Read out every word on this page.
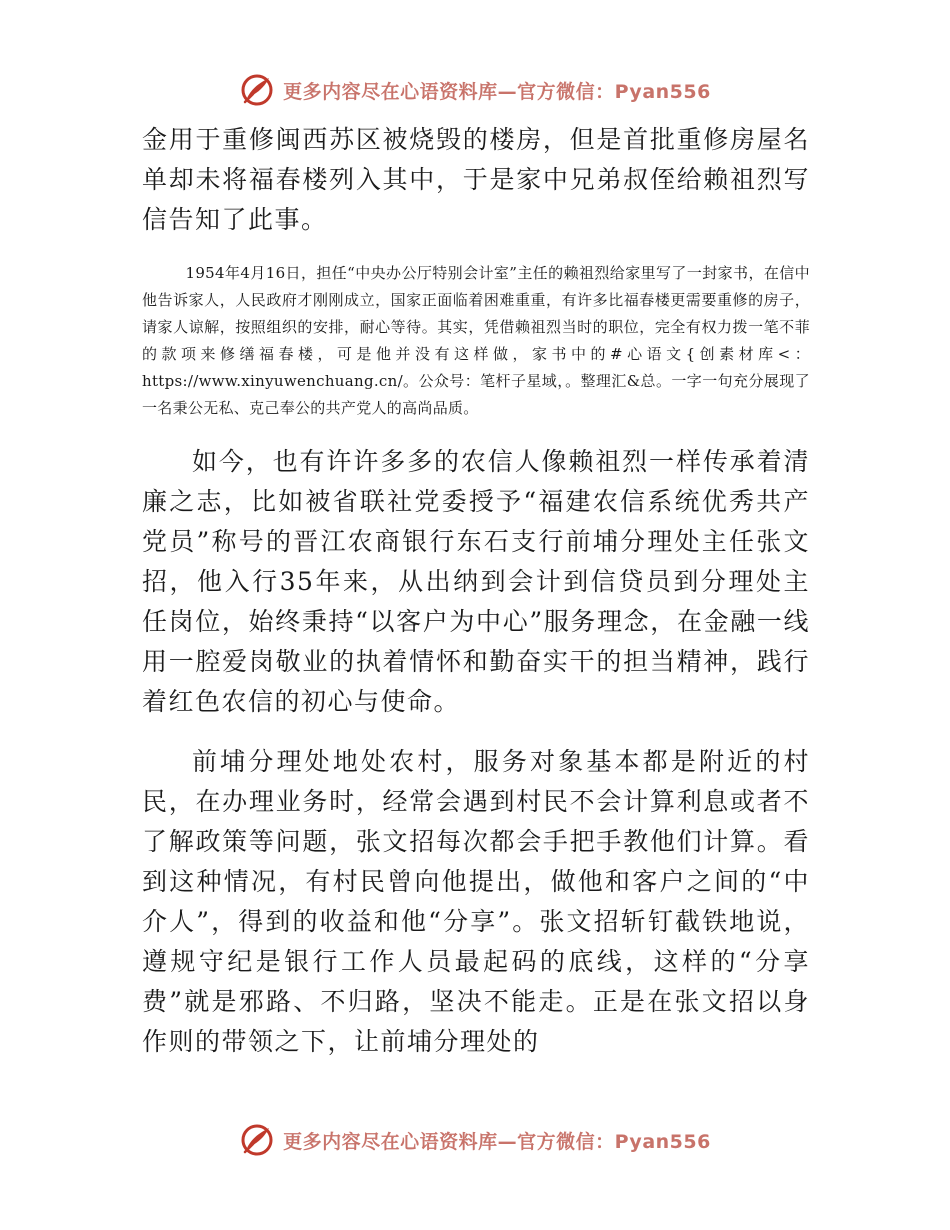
更多内容尽在心语资料库—官方微信：Pyan556

金用于重修闽西苏区被烧毁的楼房，但是首批重修房屋名单却未将福春楼列入其中，于是家中兄弟叔侄给赖祖烈写信告知了此事。

1954年4月16日，担任“中央办公厅特别会计室”主任的赖祖烈给家里写了一封家书，在信中他告诉家人，人民政府才刚刚成立，国家正面临着困难重重，有许多比福春楼更需要重修的房子，请家人谅解，按照组织的安排，耐心等待。其实，凭借赖祖烈当时的职位，完全有权力拨一笔不菲的款项来修缮福春楼，可是他并没有这样做，家书中的#心语文{创素材库<：https://www.xinyuwenchuang.cn/。公众号：笔杆子星域，。整理汇&总。一字一句充分展现了一名秉公无私、克己奉公的共产党人的高尚品质。

如今，也有许许多多的农信人像赖祖烈一样传承着清廉之志，比如被省联社党委授予“福建农信系统优秀共产党员”称号的晋江农商银行东石支行前埔分理处主任张文招，他入行35年来，从出纳到会计到信贷员到分理处主任岗位，始终秉持“以客户为中心”服务理念，在金融一线用一腔爱岗敬业的执着情怀和勤奋实干的担当精神，践行着红色农信的初心与使命。

前埔分理处地处农村，服务对象基本都是附近的村民，在办理业务时，经常会遇到村民不会计算利息或者不了解政策等问题，张文招每次都会手把手教他们计算。看到这种情况，有村民曾向他提出，做他和客户之间的“中介人”，得到的收益和他“分享”。张文招斩钉截铁地说，遵规守纪是银行工作人员最起码的底线，这样的“分享费”就是邪路、不归路，坚决不能走。正是在张文招以身作则的带领之下，让前埔分理处的

更多内容尽在心语资料库—官方微信：Pyan556
